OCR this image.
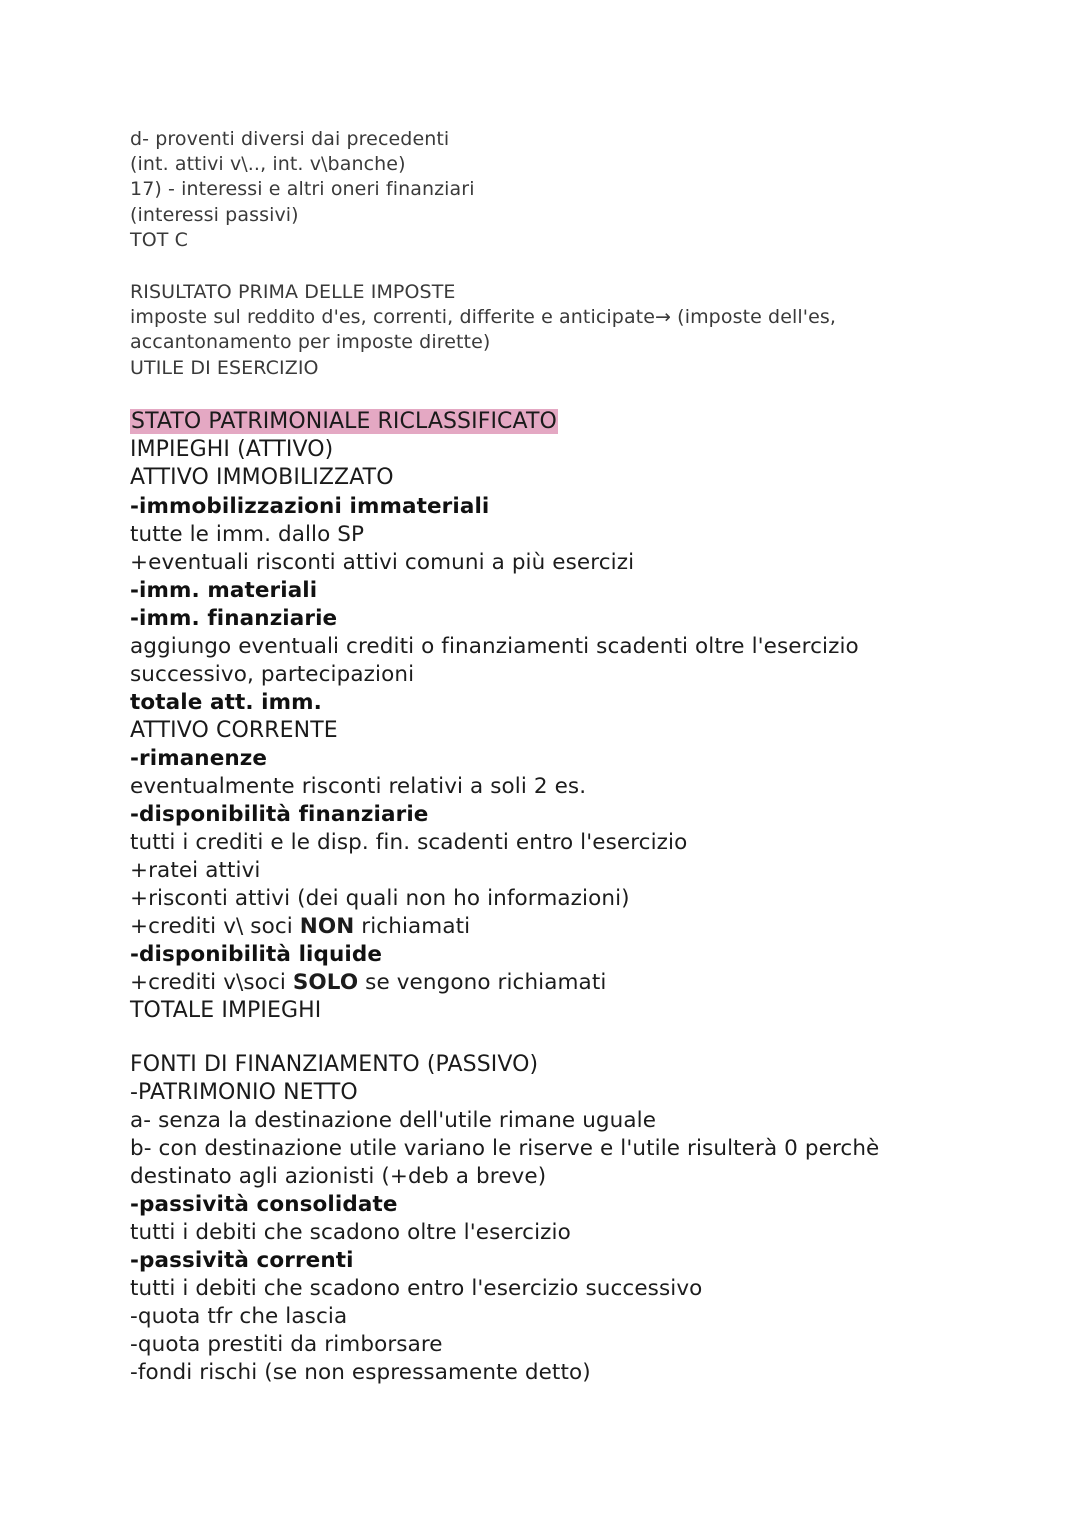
d- proventi diversi dai precedenti
(int. attivi v\.., int. v\banche)
17) - interessi e altri oneri finanziari
(interessi passivi)
TOT C
RISULTATO PRIMA DELLE IMPOSTE
imposte sul reddito d'es, correnti, differite e anticipate→ (imposte dell'es,
accantonamento per imposte dirette)
UTILE DI ESERCIZIO
STATO PATRIMONIALE RICLASSIFICATO
IMPIEGHI (ATTIVO)
ATTIVO IMMOBILIZZATO
-immobilizzazioni immateriali
tutte le imm. dallo SP
+eventuali risconti attivi comuni a più esercizi
-imm. materiali
-imm. finanziarie
aggiungo eventuali crediti o finanziamenti scadenti oltre l'esercizio
successivo, partecipazioni
totale att. imm.
ATTIVO CORRENTE
-rimanenze
eventualmente risconti relativi a soli 2 es.
-disponibilità finanziarie
tutti i crediti e le disp. fin. scadenti entro l'esercizio
+ratei attivi
+risconti attivi (dei quali non ho informazioni)
+crediti v\ soci NON richiamati
-disponibilità liquide
+crediti v\soci SOLO se vengono richiamati
TOTALE IMPIEGHI
FONTI DI FINANZIAMENTO (PASSIVO)
-PATRIMONIO NETTO
a- senza la destinazione dell'utile rimane uguale
b- con destinazione utile variano le riserve e l'utile risulterà 0 perchè
destinato agli azionisti (+deb a breve)
-passività consolidate
tutti i debiti che scadono oltre l'esercizio
-passività correnti
tutti i debiti che scadono entro l'esercizio successivo
-quota tfr che lascia
-quota prestiti da rimborsare
-fondi rischi (se non espressamente detto)
